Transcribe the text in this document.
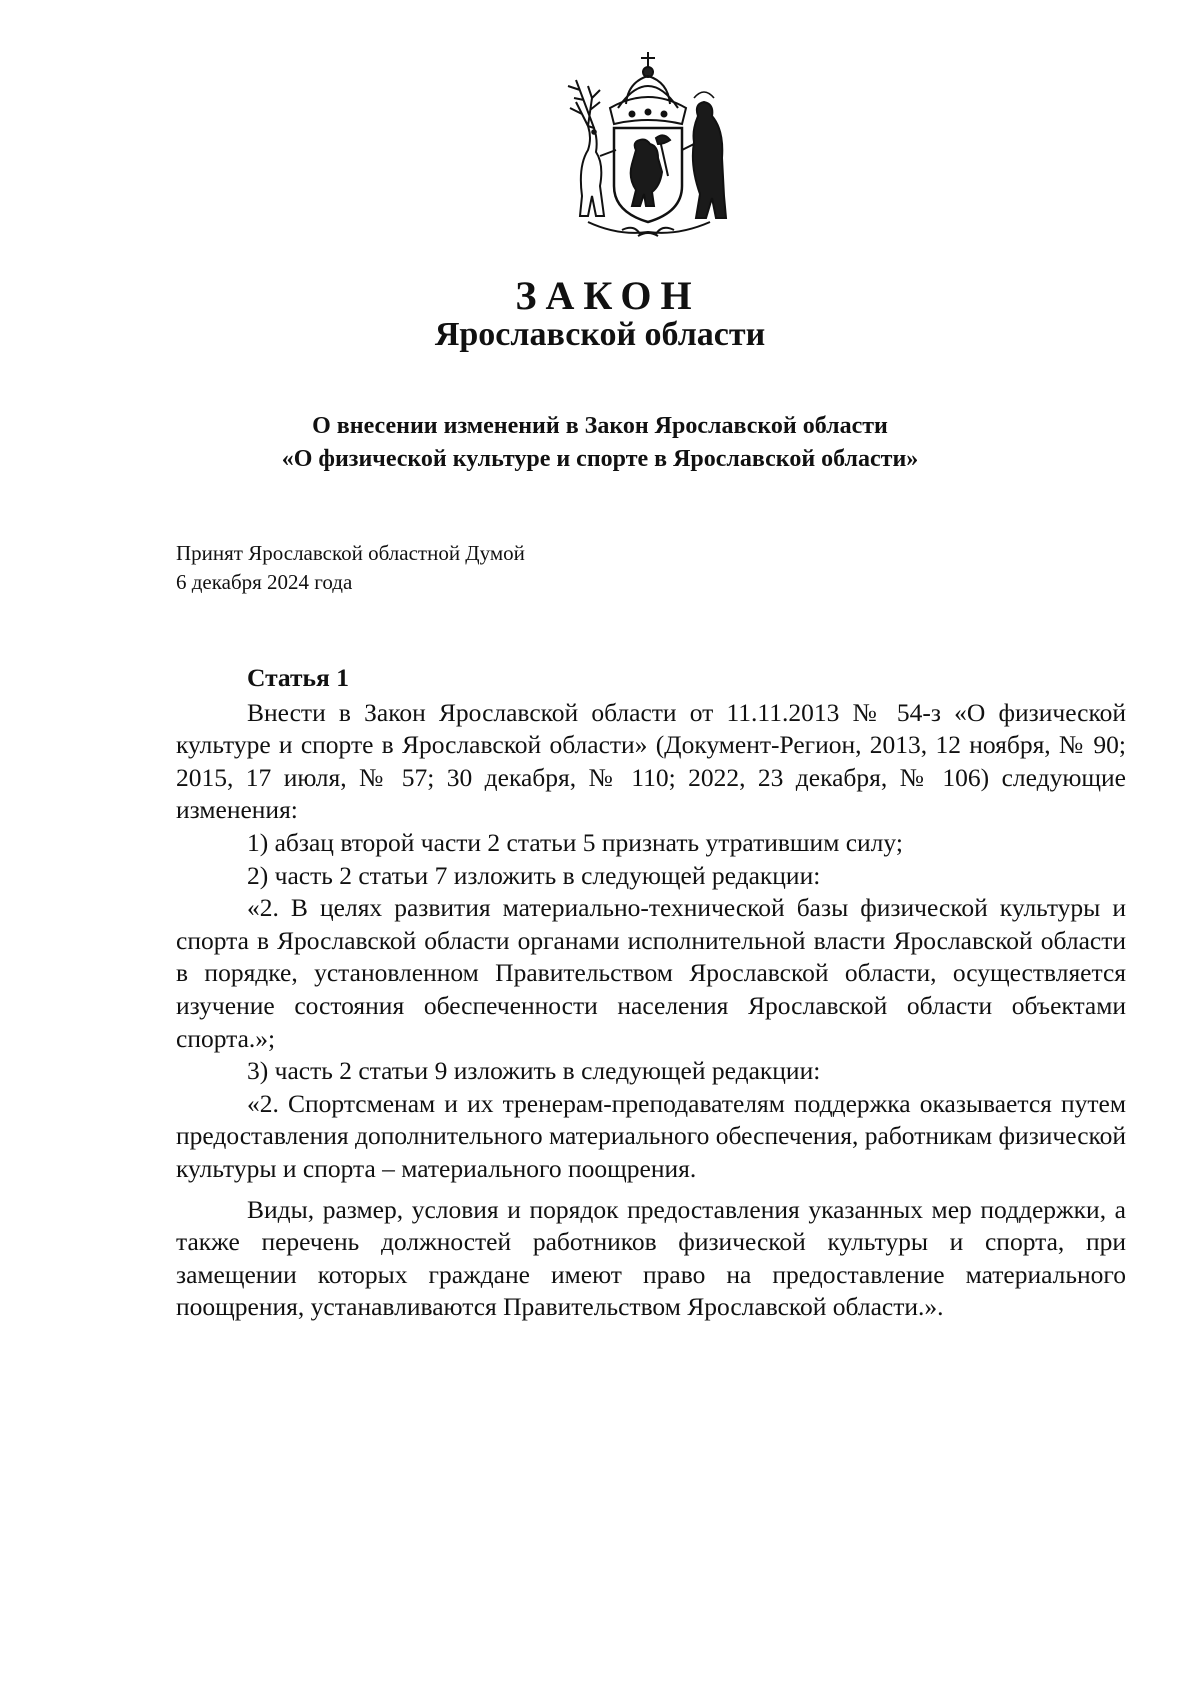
ЗАКОН
Ярославской области
О внесении изменений в Закон Ярославской области
«О физической культуре и спорте в Ярославской области»
Принят Ярославской областной Думой
6 декабря 2024 года
Статья 1

Внести в Закон Ярославской области от 11.11.2013 № 54-з «О физической культуре и спорте в Ярославской области» (Документ-Регион, 2013, 12 ноября, № 90; 2015, 17 июля, № 57; 30 декабря, № 110; 2022, 23 декабря, № 106) следующие изменения:

1) абзац второй части 2 статьи 5 признать утратившим силу;

2) часть 2 статьи 7 изложить в следующей редакции:

«2. В целях развития материально-технической базы физической культуры и спорта в Ярославской области органами исполнительной власти Ярославской области в порядке, установленном Правительством Ярославской области, осуществляется изучение состояния обеспеченности населения Ярославской области объектами спорта.»;

3) часть 2 статьи 9 изложить в следующей редакции:

«2. Спортсменам и их тренерам-преподавателям поддержка оказывается путем предоставления дополнительного материального обеспечения, работникам физической культуры и спорта – материального поощрения.

Виды, размер, условия и порядок предоставления указанных мер поддержки, а также перечень должностей работников физической культуры и спорта, при замещении которых граждане имеют право на предоставление материального поощрения, устанавливаются Правительством Ярославской области.».
